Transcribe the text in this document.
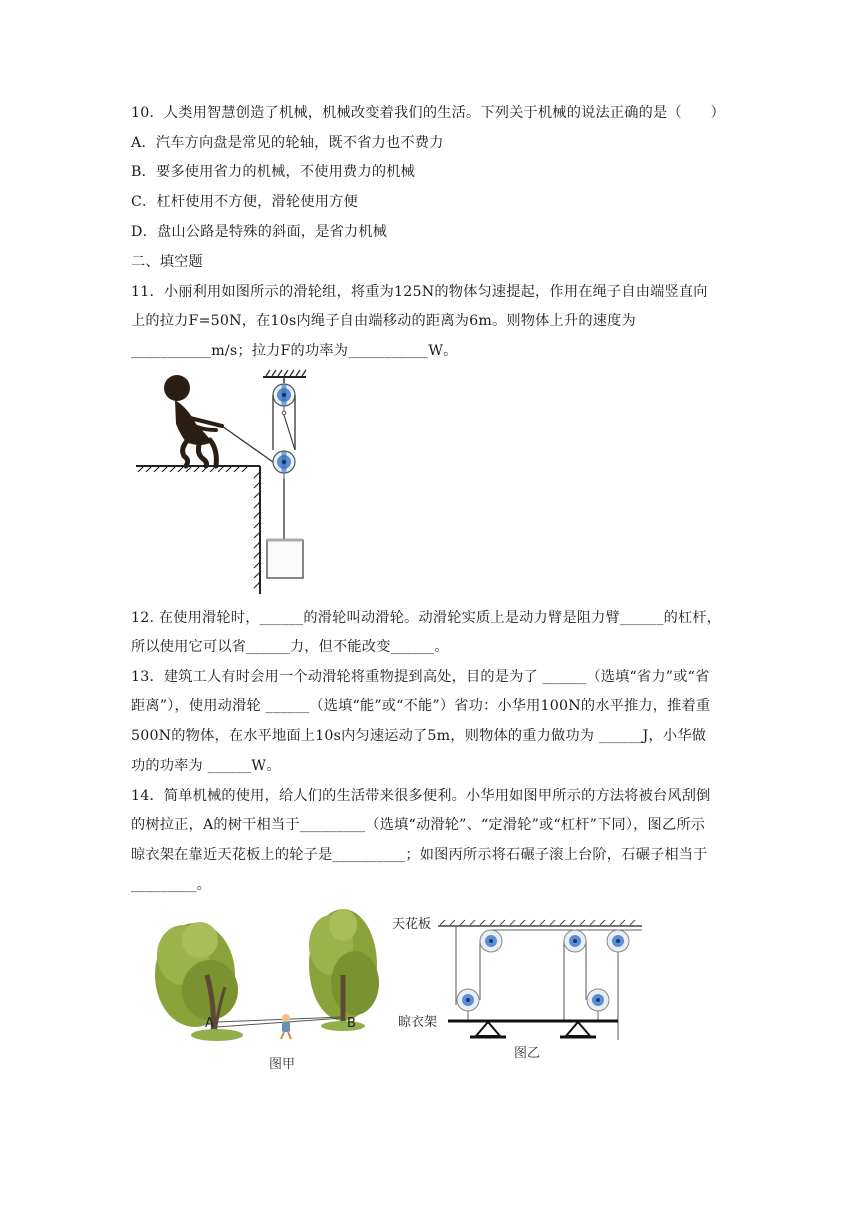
10．人类用智慧创造了机械，机械改变着我们的生活。下列关于机械的说法正确的是（　　）
A．汽车方向盘是常见的轮轴，既不省力也不费力
B．要多使用省力的机械，不使用费力的机械
C．杠杆使用不方便，滑轮使用方便
D．盘山公路是特殊的斜面，是省力机械
二、填空题
11．小丽利用如图所示的滑轮组，将重为125N的物体匀速提起，作用在绳子自由端竖直向
上的拉力F=50N，在10s内绳子自由端移动的距离为6m。则物体上升的速度为
___________m/s；拉力F的功率为___________W。
12. 在使用滑轮时，______的滑轮叫动滑轮。动滑轮实质上是动力臂是阻力臂______的杠杆，
所以使用它可以省______力，但不能改变______。
13．建筑工人有时会用一个动滑轮将重物提到高处，目的是为了 ______（选填“省力”或“省
距离”），使用动滑轮 ______（选填“能”或“不能”）省功：小华用100N的水平推力，推着重
500N的物体，在水平地面上10s内匀速运动了5m，则物体的重力做功为 ______J，小华做
功的功率为 ______W。
14．简单机械的使用，给人们的生活带来很多便利。小华用如图甲所示的方法将被台风刮倒
的树拉正，A的树干相当于_________（选填“动滑轮”、“定滑轮”或“杠杆”下同），图乙所示
晾衣架在靠近天花板上的轮子是__________；如图丙所示将石碾子滚上台阶，石碾子相当于
_________。
A	B
图甲
天花板
晾衣架
图乙
